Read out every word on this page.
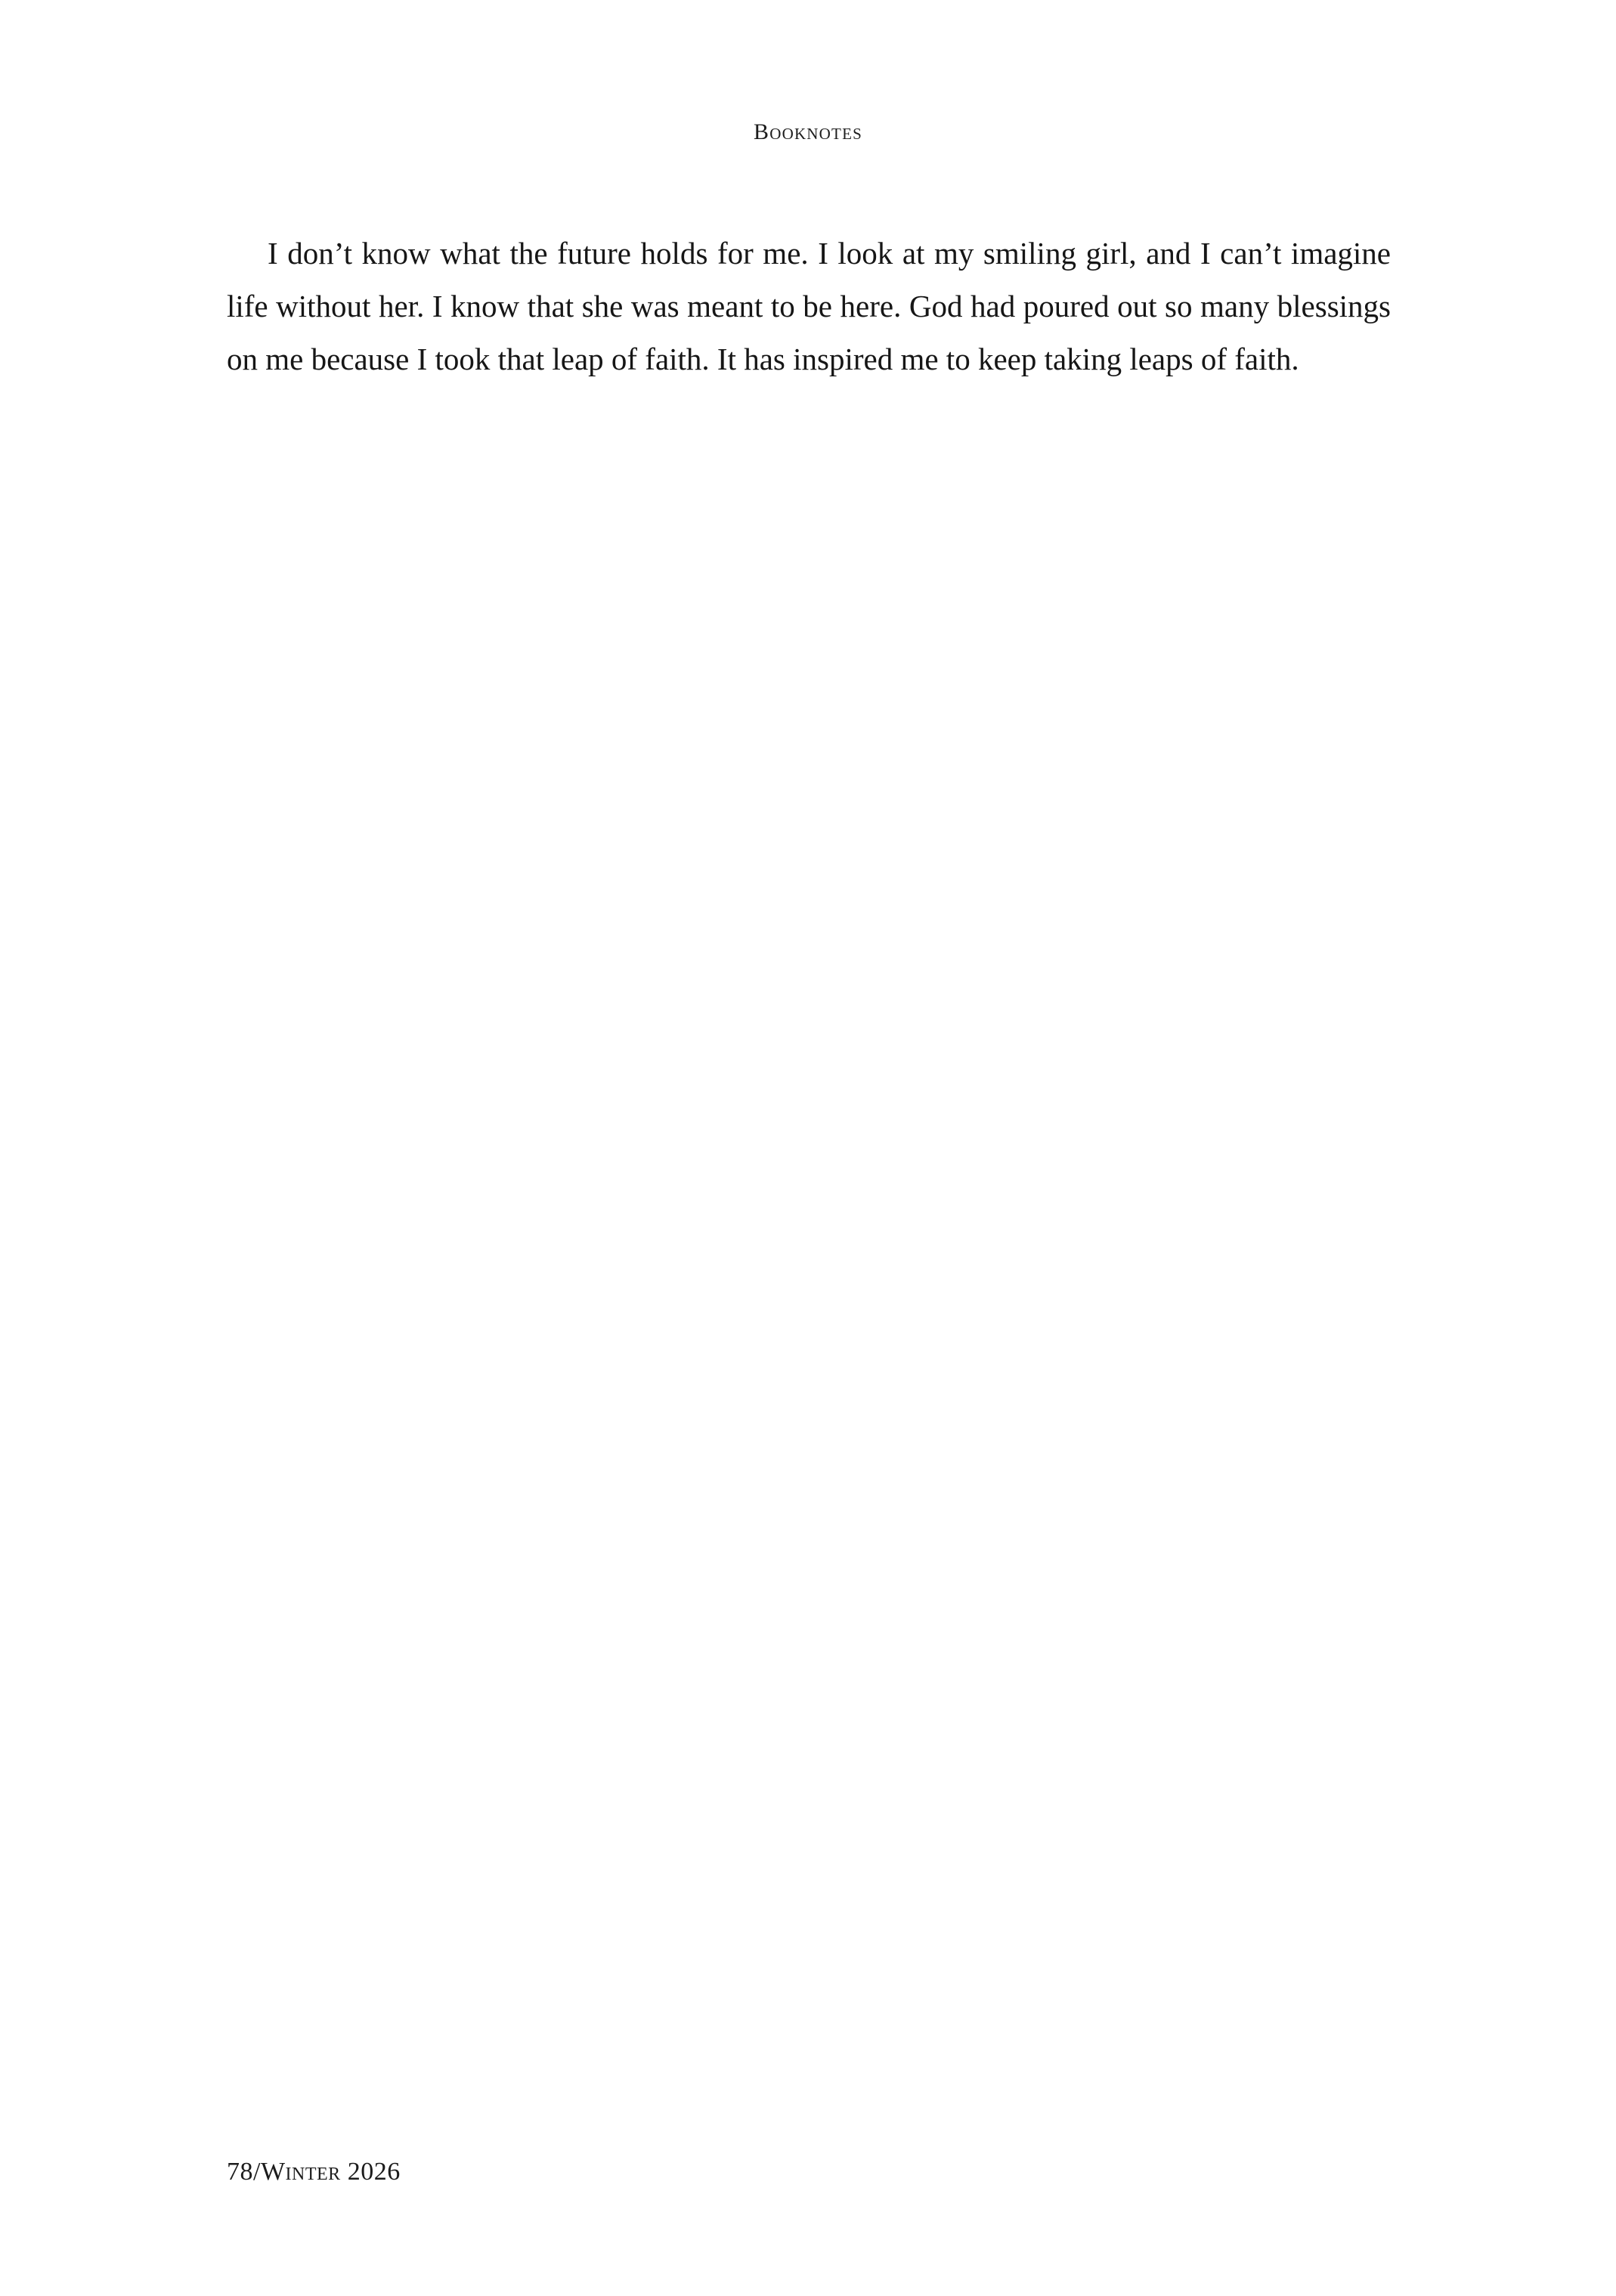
Booknotes

I don’t know what the future holds for me. I look at my smiling girl, and I can’t imagine life without her. I know that she was meant to be here. God had poured out so many blessings on me because I took that leap of faith. It has inspired me to keep taking leaps of faith.

78/Winter 2026
